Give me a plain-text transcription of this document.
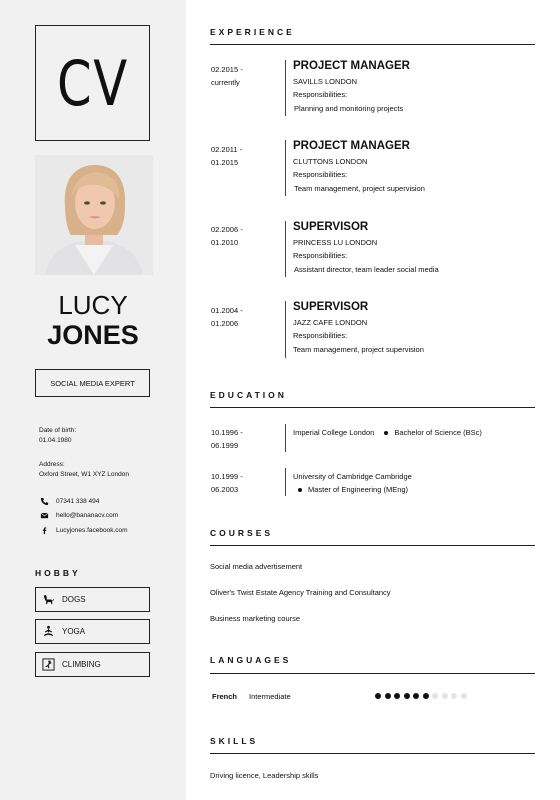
CV
LUCY
JONES
SOCIAL MEDIA EXPERT
Date of birth:
01.04.1980
Address:
Oxford Street, W1 XYZ London
07341 338 494
hello@bananacv.com
Lucyjones.facebook.com
HOBBY
DOGS
YOGA
CLIMBING
EXPERIENCE
02.2015 -
currently
PROJECT MANAGER
SAVILLS LONDON
Responsibilities:
Planning and monitoring projects
02.2011 -
01.2015
PROJECT MANAGER
CLUTTONS LONDON
Responsibilities:
Team management, project supervision
02.2006 -
01.2010
SUPERVISOR
PRINCESS LU LONDON
Responsibilities:
Assistant director, team leader social media
01.2004 -
01.2006
SUPERVISOR
JAZZ CAFE LONDON
Responsibilities:
Team management, project supervision
EDUCATION
10.1996 -
06.1999
Imperial College London	Bachelor of Science (BSc)
10.1999 -
06.2003
University of Cambridge Cambridge
Master of Engineering (MEng)
COURSES
Social media advertisement
Oliver's Twist Estate Agency Training and Consultancy
Business marketing course
LANGUAGES
French Intermediate
SKILLS
Driving licence, Leadership skills
